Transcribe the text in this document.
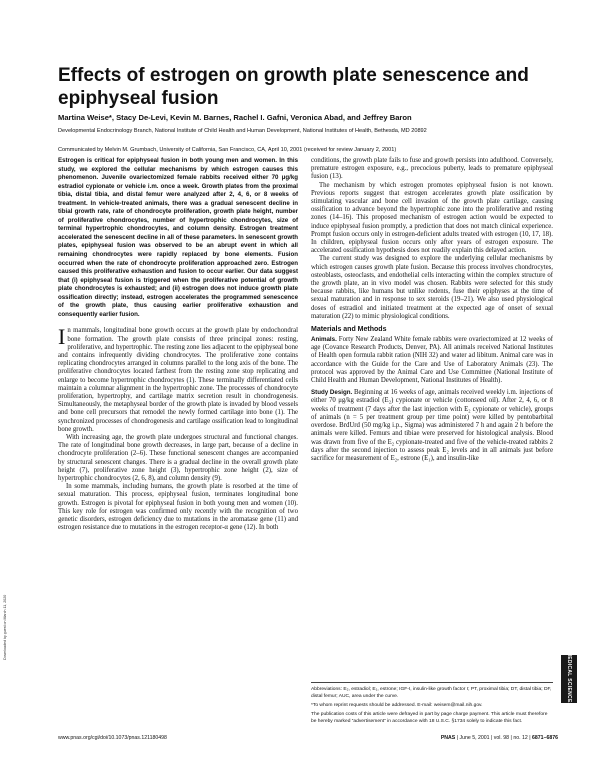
Effects of estrogen on growth plate senescence and epiphyseal fusion
Martina Weise*, Stacy De-Levi, Kevin M. Barnes, Rachel I. Gafni, Veronica Abad, and Jeffrey Baron
Developmental Endocrinology Branch, National Institute of Child Health and Human Development, National Institutes of Health, Bethesda, MD 20892
Communicated by Melvin M. Grumbach, University of California, San Francisco, CA, April 10, 2001 (received for review January 2, 2001)

Estrogen is critical for epiphyseal fusion in both young men and women. In this study, we explored the cellular mechanisms by which estrogen causes this phenomenon. Juvenile ovariectomized female rabbits received either 70 μg/kg estradiol cypionate or vehicle i.m. once a week. Growth plates from the proximal tibia, distal tibia, and distal femur were analyzed after 2, 4, 6, or 8 weeks of treatment. In vehicle-treated animals, there was a gradual senescent decline in tibial growth rate, rate of chondrocyte proliferation, growth plate height, number of proliferative chondrocytes, number of hypertrophic chondrocytes, size of terminal hypertrophic chondrocytes, and column density. Estrogen treatment accelerated the senescent decline in all of these parameters. In senescent growth plates, epiphyseal fusion was observed to be an abrupt event in which all remaining chondrocytes were rapidly replaced by bone elements. Fusion occurred when the rate of chondrocyte proliferation approached zero. Estrogen caused this proliferative exhaustion and fusion to occur earlier. Our data suggest that (i) epiphyseal fusion is triggered when the proliferative potential of growth plate chondrocytes is exhausted; and (ii) estrogen does not induce growth plate ossification directly; instead, estrogen accelerates the programmed senescence of the growth plate, thus causing earlier proliferative exhaustion and consequently earlier fusion.

In mammals, longitudinal bone growth occurs at the growth plate by endochondral bone formation. The growth plate consists of three principal zones: resting, proliferative, and hypertrophic. The resting zone lies adjacent to the epiphyseal bone and contains infrequently dividing chondrocytes. The proliferative zone contains replicating chondrocytes arranged in columns parallel to the long axis of the bone. The proliferative chondrocytes located farthest from the resting zone stop replicating and enlarge to become hypertrophic chondrocytes (1). These terminally differentiated cells maintain a columnar alignment in the hypertrophic zone. The processes of chondrocyte proliferation, hypertrophy, and cartilage matrix secretion result in chondrogenesis. Simultaneously, the metaphyseal border of the growth plate is invaded by blood vessels and bone cell precursors that remodel the newly formed cartilage into bone (1). The synchronized processes of chondrogenesis and cartilage ossification lead to longitudinal bone growth.

With increasing age, the growth plate undergoes structural and functional changes. The rate of longitudinal bone growth decreases, in large part, because of a decline in chondrocyte proliferation (2–6). These functional senescent changes are accompanied by structural senescent changes. There is a gradual decline in the overall growth plate height (7), proliferative zone height (3), hypertrophic zone height (2), size of hypertrophic chondrocytes (2, 6, 8), and column density (9).

In some mammals, including humans, the growth plate is resorbed at the time of sexual maturation. This process, epiphyseal fusion, terminates longitudinal bone growth. Estrogen is pivotal for epiphyseal fusion in both young men and women (10). This key role for estrogen was confirmed only recently with the recognition of two genetic disorders, estrogen deficiency due to mutations in the aromatase gene (11) and estrogen resistance due to mutations in the estrogen receptor-α gene (12). In both

conditions, the growth plate fails to fuse and growth persists into adulthood. Conversely, premature estrogen exposure, e.g., precocious puberty, leads to premature epiphyseal fusion (13).

The mechanism by which estrogen promotes epiphyseal fusion is not known. Previous reports suggest that estrogen accelerates growth plate ossification by stimulating vascular and bone cell invasion of the growth plate cartilage, causing ossification to advance beyond the hypertrophic zone into the proliferative and resting zones (14–16). This proposed mechanism of estrogen action would be expected to induce epiphyseal fusion promptly, a prediction that does not match clinical experience. Prompt fusion occurs only in estrogen-deficient adults treated with estrogen (10, 17, 18). In children, epiphyseal fusion occurs only after years of estrogen exposure. The accelerated ossification hypothesis does not readily explain this delayed action.

The current study was designed to explore the underlying cellular mechanisms by which estrogen causes growth plate fusion. Because this process involves chondrocytes, osteoblasts, osteoclasts, and endothelial cells interacting within the complex structure of the growth plate, an in vivo model was chosen. Rabbits were selected for this study because rabbits, like humans but unlike rodents, fuse their epiphyses at the time of sexual maturation and in response to sex steroids (19–21). We also used physiological doses of estradiol and initiated treatment at the expected age of onset of sexual maturation (22) to mimic physiological conditions.

Materials and Methods

Animals. Forty New Zealand White female rabbits were ovariectomized at 12 weeks of age (Covance Research Products, Denver, PA). All animals received National Institutes of Health open formula rabbit ration (NIH 32) and water ad libitum. Animal care was in accordance with the Guide for the Care and Use of Laboratory Animals (23). The protocol was approved by the Animal Care and Use Committee (National Institute of Child Health and Human Development, National Institutes of Health).

Study Design. Beginning at 16 weeks of age, animals received weekly i.m. injections of either 70 μg/kg estradiol (E₂) cypionate or vehicle (cottonseed oil). After 2, 4, 6, or 8 weeks of treatment (7 days after the last injection with E₂ cypionate or vehicle), groups of animals (n = 5 per treatment group per time point) were killed by pentobarbital overdose. BrdUrd (50 mg/kg i.p., Sigma) was administered 7 h and again 2 h before the animals were killed. Femurs and tibiae were preserved for histological analysis. Blood was drawn from five of the E₂ cypionate-treated and five of the vehicle-treated rabbits 2 days after the second injection to assess peak E₂ levels and in all animals just before sacrifice for measurement of E₂, estrone (E₁), and insulin-like

Abbreviations: E₂, estradiol; E₁, estrone; IGF-I, insulin-like growth factor I; PT, proximal tibia; DT, distal tibia; DF, distal femur; AUC, area under the curve.

*To whom reprint requests should be addressed. E-mail: weisem@mail.nih.gov.

The publication costs of this article were defrayed in part by page charge payment. This article must therefore be hereby marked “advertisement” in accordance with 18 U.S.C. §1734 solely to indicate this fact.

MEDICAL SCIENCES
Downloaded by guest on March 11, 2020
www.pnas.org/cgi/doi/10.1073/pnas.121180498	PNAS | June 5, 2001 | vol. 98 | no. 12 | 6871–6876
